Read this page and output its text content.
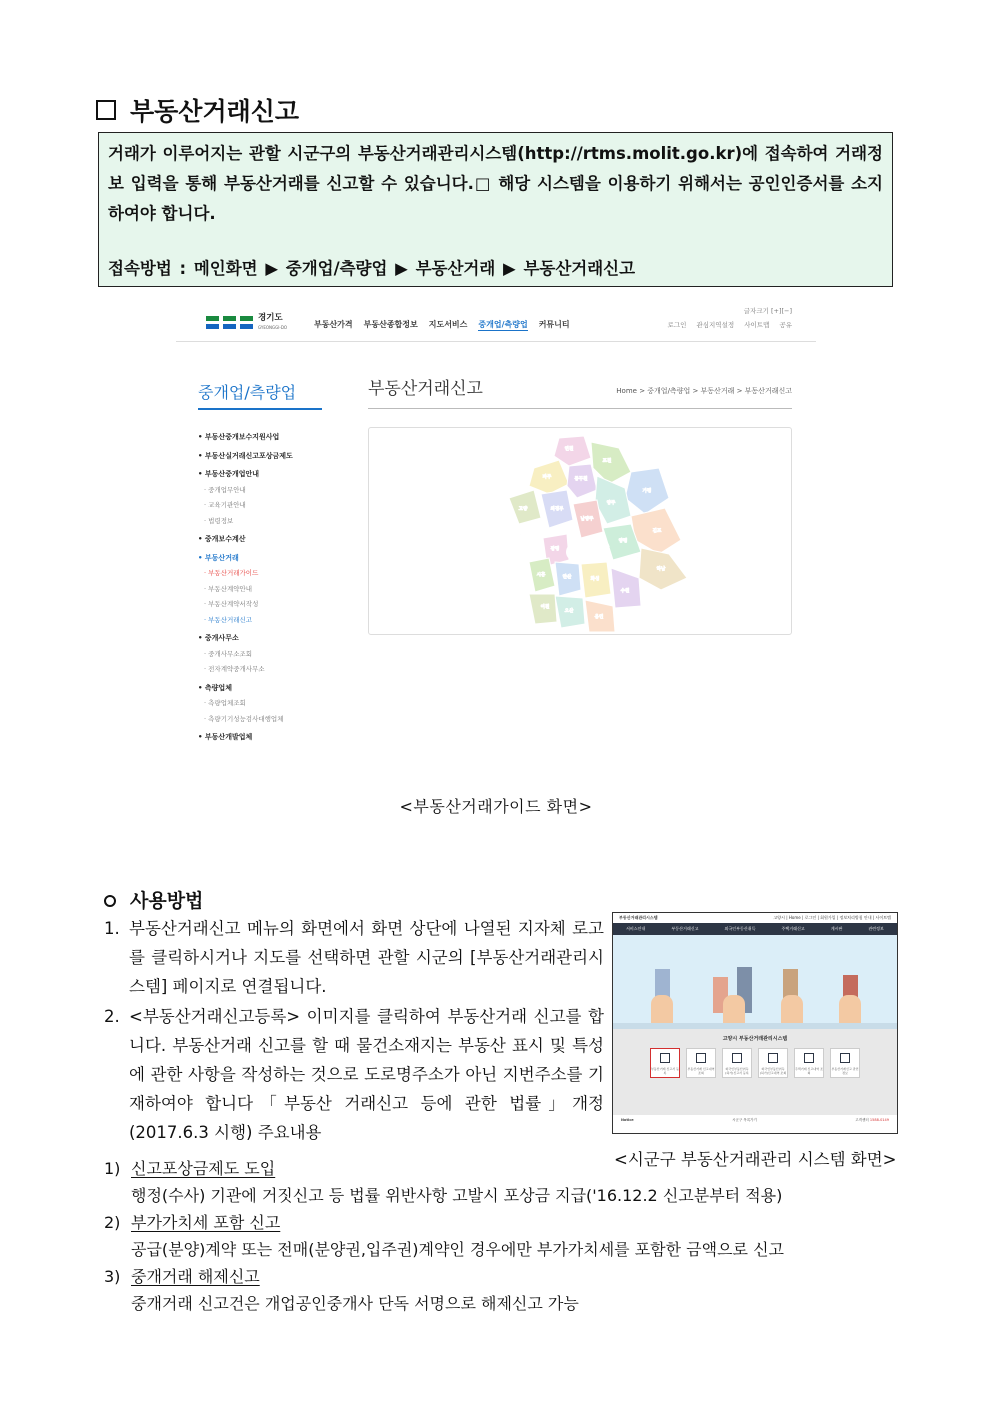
부동산거래신고

거래가 이루어지는 관할 시군구의 부동산거래관리시스템(http://rtms.molit.go.kr)에 접속하여 거래정보 입력을 통해 부동산거래를 신고할 수 있습니다.□ 해당 시스템을 이용하기 위해서는 공인인증서를 소지하여야 합니다.

접속방법 : 메인화면 ▶ 중개업/측량업 ▶ 부동산거래 ▶ 부동산거래신고

경기도
GYEONGGI-DO	부동산가격 부동산종합정보 지도서비스 중개업/측량업 커뮤니티
글자크기 [+][−]
로그인 관심지역설정 사이트맵 공유
중개업/측량업
• 부동산중개보수지원사업
• 부동산실거래신고포상금제도
• 부동산중개업안내
· 중개업무안내
· 교육기관안내
· 법령정보
• 중개보수계산
• 부동산거래
· 부동산거래가이드
· 부동산계약안내
· 부동산계약서작성
· 부동산거래신고
• 중개사무소
· 중개사무소조회
· 전자계약중개사무소
• 측량업체
· 측량업체조회
· 측량기기성능검사대행업체
• 부동산개발업체
부동산거래신고	Home > 중개업/측량업 > 부동산거래 > 부동산거래신고
연천
포천
가평
파주	동두천
양주
김포
고양	의정부
남양주
양평
하남
광명
시흥	안산	화성
수원
오산
용인
이천
여주
안성
광주
<부동산거래가이드 화면>
사용방법
1. 부동산거래신고 메뉴의 화면에서 화면 상단에 나열된 지자체 로고를 클릭하시거나 지도를 선택하면 관할 시군의 [부동산거래관리시스템] 페이지로 연결됩니다.
2. <부동산거래신고등록> 이미지를 클릭하여 부동산거래 신고를 합니다. 부동산거래 신고를 할 때 물건소재지는 부동산 표시 및 특성에 관한 사항을 작성하는 것으로 도로명주소가 아닌 지번주소를 기재하여야 합니다「부동산 거래신고 등에 관한 법률」개정(2017.6.3 시행) 주요내용
부동산거래관리시스템	고양시 | Home | 로그인 | 회원가입 | 정보처리방침 안내 | 사이트맵
서비스안내	부동산거래신고	외국인부동산취득	주택거래신고	게시판	관련정보
고양시 부동산거래관리시스템
부동산거래 신고서 등록
부동산거래 신고내역 조회
외국인부동산취득 (허가)신고서 등록
외국인부동산취득 (허가)신고내역 조회
주택거래 신고내역 조회
부동산거래신고 관련정보
Notice	시군구 목록가기	고객센터 1588-0149
<시군구 부동산거래관리 시스템 화면>
1) 신고포상금제도 도입
행정(수사) 기관에 거짓신고 등 법률 위반사항 고발시 포상금 지급('16.12.2 신고분부터 적용)
2) 부가가치세 포함 신고
공급(분양)계약 또는 전매(분양권,입주권)계약인 경우에만 부가가치세를 포함한 금액으로 신고
3) 중개거래 해제신고
중개거래 신고건은 개업공인중개사 단독 서명으로 해제신고 가능
